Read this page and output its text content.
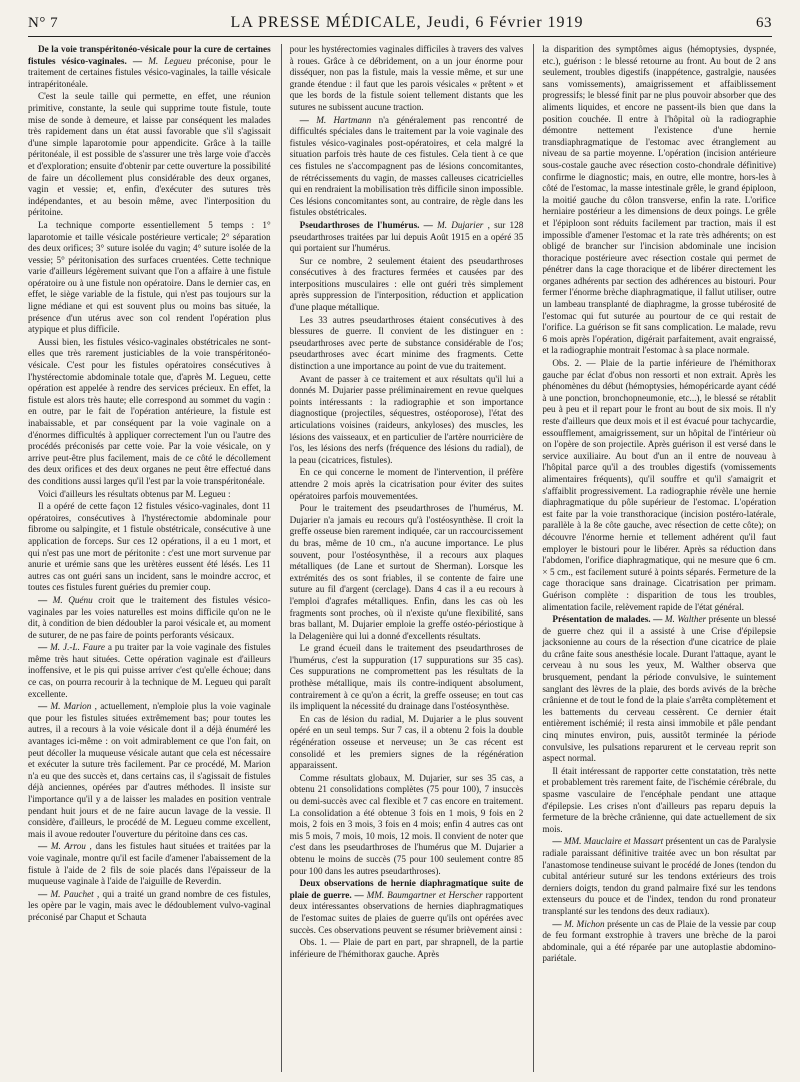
N° 7	LA PRESSE MÉDICALE, Jeudi, 6 Février 1919	63

De la voie transpéritonéo-vésicale pour la cure de certaines fistules vésico-vaginales. — M. Legueu préconise, pour le traitement de certaines fistules vésico-vaginales, la taille vésicale intrapéritonéale.

C'est la seule taille qui permette, en effet, une réunion primitive, constante, la seule qui supprime toute fistule, toute mise de sonde à demeure, et laisse par conséquent les malades très rapidement dans un état aussi favorable que s'il s'agissait d'une simple laparotomie pour appendicite. Grâce à la taille péritonéale, il est possible de s'assurer une très large voie d'accès et d'exploration; ensuite d'obtenir par cette ouverture la possibilité de faire un décollement plus considérable des deux organes, vagin et vessie; et, enfin, d'exécuter des sutures très indépendantes, et au besoin même, avec l'interposition du péritoine.

La technique comporte essentiellement 5 temps : 1° laparotomie et taille vésicale postérieure verticale; 2° séparation des deux orifices; 3° suture isolée du vagin; 4° suture isolée de la vessie; 5° péritonisation des surfaces cruentées. Cette technique varie d'ailleurs légèrement suivant que l'on a affaire à une fistule opératoire ou à une fistule non opératoire. Dans le dernier cas, en effet, le siège variable de la fistule, qui n'est pas toujours sur la ligne médiane et qui est souvent plus ou moins bas située, la présence d'un utérus avec son col rendent l'opération plus atypique et plus difficile.

Aussi bien, les fistules vésico-vaginales obstétricales ne sont-elles que très rarement justiciables de la voie transpéritonéo-vésicale. C'est pour les fistules opératoires consécutives à l'hystérectomie abdominale totale que, d'après M. Legueu, cette opération est appelée à rendre des services précieux. En effet, la fistule est alors très haute; elle correspond au sommet du vagin : en outre, par le fait de l'opération antérieure, la fistule est inabaissable, et par conséquent par la voie vaginale on a d'énormes difficultés à appliquer correctement l'un ou l'autre des procédés préconisés par cette voie. Par la voie vésicale, on y arrive peut-être plus facilement, mais de ce côté le décollement des deux orifices et des deux organes ne peut être effectué dans des conditions aussi larges qu'il l'est par la voie transpéritonéale.

Voici d'ailleurs les résultats obtenus par M. Legueu :

Il a opéré de cette façon 12 fistules vésico-vaginales, dont 11 opératoires, consécutives à l'hystérectomie abdominale pour fibrome ou salpingite, et 1 fistule obstétricale, consécutive à une application de forceps. Sur ces 12 opérations, il a eu 1 mort, et qui n'est pas une mort de péritonite : c'est une mort survenue par anurie et urémie sans que les urètères eussent été lésés. Les 11 autres cas ont guéri sans un incident, sans le moindre accroc, et toutes ces fistules furent guéries du premier coup.

— M. Quénu croit que le traitement des fistules vésico-vaginales par les voies naturelles est moins difficile qu'on ne le dit, à condition de bien dédoubler la paroi vésicale et, au moment de suturer, de ne pas faire de points perforants vésicaux.

— M. J.-L. Faure a pu traiter par la voie vaginale des fistules même très haut situées. Cette opération vaginale est d'ailleurs inoffensive, et le pis qui puisse arriver c'est qu'elle échoue; dans ce cas, on pourra recourir à la technique de M. Legueu qui paraît excellente.

— M. Marion , actuellement, n'emploie plus la voie vaginale que pour les fistules situées extrêmement bas; pour toutes les autres, il a recours à la voie vésicale dont il a déjà énuméré les avantages ici-même : on voit admirablement ce que l'on fait, on peut décoller la muqueuse vésicale autant que cela est nécessaire et exécuter la suture très facilement. Par ce procédé, M. Marion n'a eu que des succès et, dans certains cas, il s'agissait de fistules déjà anciennes, opérées par d'autres méthodes. Il insiste sur l'importance qu'il y a de laisser les malades en position ventrale pendant huit jours et de ne faire aucun lavage de la vessie. Il considère, d'ailleurs, le procédé de M. Legueu comme excellent, mais il avoue redouter l'ouverture du péritoine dans ces cas.

— M. Arrou , dans les fistules haut situées et traitées par la voie vaginale, montre qu'il est facile d'amener l'abaissement de la fistule à l'aide de 2 fils de soie placés dans l'épaisseur de la muqueuse vaginale à l'aide de l'aiguille de Reverdin.

— M. Pauchet , qui a traité un grand nombre de ces fistules, les opère par le vagin, mais avec le dédoublement vulvo-vaginal préconisé par Chaput et Schauta

pour les hystérectomies vaginales difficiles à travers des valves à roues. Grâce à ce débridement, on a un jour énorme pour disséquer, non pas la fistule, mais la vessie même, et sur une grande étendue : il faut que les parois vésicales « prêtent » et que les bords de la fistule soient tellement distants que les sutures ne subissent aucune traction.

— M. Hartmann n'a généralement pas rencontré de difficultés spéciales dans le traitement par la voie vaginale des fistules vésico-vaginales post-opératoires, et cela malgré la situation parfois très haute de ces fistules. Cela tient à ce que ces fistules ne s'accompagnent pas de lésions concomitantes, de rétrécissements du vagin, de masses calleuses cicatricielles qui en rendraient la mobilisation très difficile sinon impossible. Ces lésions concomitantes sont, au contraire, de règle dans les fistules obstétricales.

Pseudarthroses de l'humérus. — M. Dujarier , sur 128 pseudarthroses traitées par lui depuis Août 1915 en a opéré 35 qui portaient sur l'humérus.

Sur ce nombre, 2 seulement étaient des pseudarthroses consécutives à des fractures fermées et causées par des interpositions musculaires : elle ont guéri très simplement après suppression de l'interposition, réduction et application d'une plaque métallique.

Les 33 autres pseudarthroses étaient consécutives à des blessures de guerre. Il convient de les distinguer en : pseudarthroses avec perte de substance considérable de l'os; pseudarthroses avec écart minime des fragments. Cette distinction a une importance au point de vue du traitement.

Avant de passer à ce traitement et aux résultats qu'il lui a donnés M. Dujarier passe préliminairement en revue quelques points intéressants : la radiographie et son importance diagnostique (projectiles, séquestres, ostéoporose), l'état des articulations voisines (raideurs, ankyloses) des muscles, les lésions des vaisseaux, et en particulier de l'artère nourricière de l'os, les lésions des nerfs (fréquence des lésions du radial), de la peau (cicatrices, fistules).

En ce qui concerne le moment de l'intervention, il préfère attendre 2 mois après la cicatrisation pour éviter des suites opératoires parfois mouvementées.

Pour le traitement des pseudarthroses de l'humérus, M. Dujarier n'a jamais eu recours qu'à l'ostéosynthèse. Il croit la greffe osseuse bien rarement indiquée, car un raccourcissement du bras, même de 10 cm., n'a aucune importance. Le plus souvent, pour l'ostéosynthèse, il a recours aux plaques métalliques (de Lane et surtout de Sherman). Lorsque les extrémités des os sont friables, il se contente de faire une suture au fil d'argent (cerclage). Dans 4 cas il a eu recours à l'emploi d'agrafes métalliques. Enfin, dans les cas où les fragments sont proches, où il n'existe qu'une flexibilité, sans bras ballant, M. Dujarier emploie la greffe ostéo-périostique à la Delagenière qui lui a donné d'excellents résultats.

Le grand écueil dans le traitement des pseudarthroses de l'humérus, c'est la suppuration (17 suppurations sur 35 cas). Ces suppurations ne compromettent pas les résultats de la prothèse métallique, mais ils contre-indiquent absolument, contrairement à ce qu'on a écrit, la greffe osseuse; en tout cas ils impliquent la nécessité du drainage dans l'ostéosynthèse.

En cas de lésion du radial, M. Dujarier a le plus souvent opéré en un seul temps. Sur 7 cas, il a obtenu 2 fois la double régénération osseuse et nerveuse; un 3e cas récent est consolidé et les premiers signes de la régénération apparaissent.

Comme résultats globaux, M. Dujarier, sur ses 35 cas, a obtenu 21 consolidations complètes (75 pour 100), 7 insuccès ou demi-succès avec cal flexible et 7 cas encore en traitement. La consolidation a été obtenue 3 fois en 1 mois, 9 fois en 2 mois, 2 fois en 3 mois, 3 fois en 4 mois; enfin 4 autres cas ont mis 5 mois, 7 mois, 10 mois, 12 mois. Il convient de noter que c'est dans les pseudarthroses de l'humérus que M. Dujarier a obtenu le moins de succès (75 pour 100 seulement contre 85 pour 100 dans les autres pseudarthroses).

Deux observations de hernie diaphragmatique suite de plaie de guerre. — MM. Baumgartner et Herscher rapportent deux intéressantes observations de hernies diaphragmatiques de l'estomac suites de plaies de guerre qu'ils ont opérées avec succès. Ces observations peuvent se résumer brièvement ainsi :

Obs. 1. — Plaie de part en part, par shrapnell, de la partie inférieure de l'hémithorax gauche. Après

la disparition des symptômes aigus (hémoptysies, dyspnée, etc.), guérison : le blessé retourne au front. Au bout de 2 ans seulement, troubles digestifs (inappétence, gastralgie, nausées sans vomissements), amaigrissement et affaiblissement progressifs; le blessé finit par ne plus pouvoir absorber que des aliments liquides, et encore ne passent-ils bien que dans la position couchée. Il entre à l'hôpital où la radiographie démontre nettement l'existence d'une hernie transdiaphragmatique de l'estomac avec étranglement au niveau de sa partie moyenne. L'opération (incision antérieure sous-costale gauche avec résection costo-chondrale définitive) confirme le diagnostic; mais, en outre, elle montre, hors-les à côté de l'estomac, la masse intestinale grêle, le grand épiploon, la moitié gauche du côlon transverse, enfin la rate. L'orifice herniaire postérieur a les dimensions de deux poings. Le grêle et l'épiploon sont réduits facilement par traction, mais il est impossible d'amener l'estomac et la rate très adhérents; on est obligé de brancher sur l'incision abdominale une incision thoracique postérieure avec résection costale qui permet de pénétrer dans la cage thoracique et de libérer directement les organes adhérents par section des adhérences au bistouri. Pour fermer l'énorme brèche diaphragmatique, il fallut utiliser, outre un lambeau transplanté de diaphragme, la grosse tubérosité de l'estomac qui fut suturée au pourtour de ce qui restait de l'orifice. La guérison se fit sans complication. Le malade, revu 6 mois après l'opération, digérait parfaitement, avait engraissé, et la radiographie montrait l'estomac à sa place normale.

Obs. 2. — Plaie de la partie inférieure de l'hémithorax gauche par éclat d'obus non ressorti et non extrait. Après les phénomènes du début (hémoptysies, hémopéricarde ayant cédé à une ponction, bronchopneumonie, etc...), le blessé se rétablit peu à peu et il repart pour le front au bout de six mois. Il n'y reste d'ailleurs que deux mois et il est évacué pour tachycardie, essoufflement, amaigrissement, sur un hôpital de l'intérieur où on l'opère de son projectile. Après guérison il est versé dans le service auxiliaire. Au bout d'un an il entre de nouveau à l'hôpital parce qu'il a des troubles digestifs (vomissements alimentaires fréquents), qu'il souffre et qu'il s'amaigrit et s'affaiblit progressivement. La radiographie révèle une hernie diaphragmatique du pôle supérieur de l'estomac. L'opération est faite par la voie transthoracique (incision postéro-latérale, parallèle à la 8e côte gauche, avec résection de cette côte); on découvre l'énorme hernie et tellement adhérent qu'il faut employer le bistouri pour le libérer. Après sa réduction dans l'abdomen, l'orifice diaphragmatique, qui ne mesure que 6 cm. × 5 cm., est facilement suturé à points séparés. Fermeture de la cage thoracique sans drainage. Cicatrisation per primam. Guérison complète : disparition de tous les troubles, alimentation facile, relèvement rapide de l'état général.

Présentation de malades. — M. Walther présente un blessé de guerre chez qui il a assisté à une Crise d'épilepsie jacksonienne au cours de la résection d'une cicatrice de plaie du crâne faite sous anesthésie locale. Durant l'attaque, ayant le cerveau à nu sous les yeux, M. Walther observa que brusquement, pendant la période convulsive, le suintement sanglant des lèvres de la plaie, des bords avivés de la brèche crânienne et de tout le fond de la plaie s'arrêta complètement et les battements du cerveau cessèrent. Ce dernier était entièrement ischémié; il resta ainsi immobile et pâle pendant cinq minutes environ, puis, aussitôt terminée la période convulsive, les pulsations reparurent et le cerveau reprit son aspect normal.

Il était intéressant de rapporter cette constatation, très nette et probablement très rarement faite, de l'ischémie cérébrale, du spasme vasculaire de l'encéphale pendant une attaque d'épilepsie. Les crises n'ont d'ailleurs pas reparu depuis la fermeture de la brèche crânienne, qui date actuellement de six mois.

— MM. Mauclaire et Massart présentent un cas de Paralysie radiale paraissant définitive traitée avec un bon résultat par l'anastomose tendineuse suivant le procédé de Jones (tendon du cubital antérieur suturé sur les tendons extérieurs des trois derniers doigts, tendon du grand palmaire fixé sur les tendons extenseurs du pouce et de l'index, tendon du rond pronateur transplanté sur les tendons des deux radiaux).

— M. Michon présente un cas de Plaie de la vessie par coup de feu formant exstrophie à travers une brèche de la paroi abdominale, qui a été réparée par une autoplastie abdomino-pariétale.
